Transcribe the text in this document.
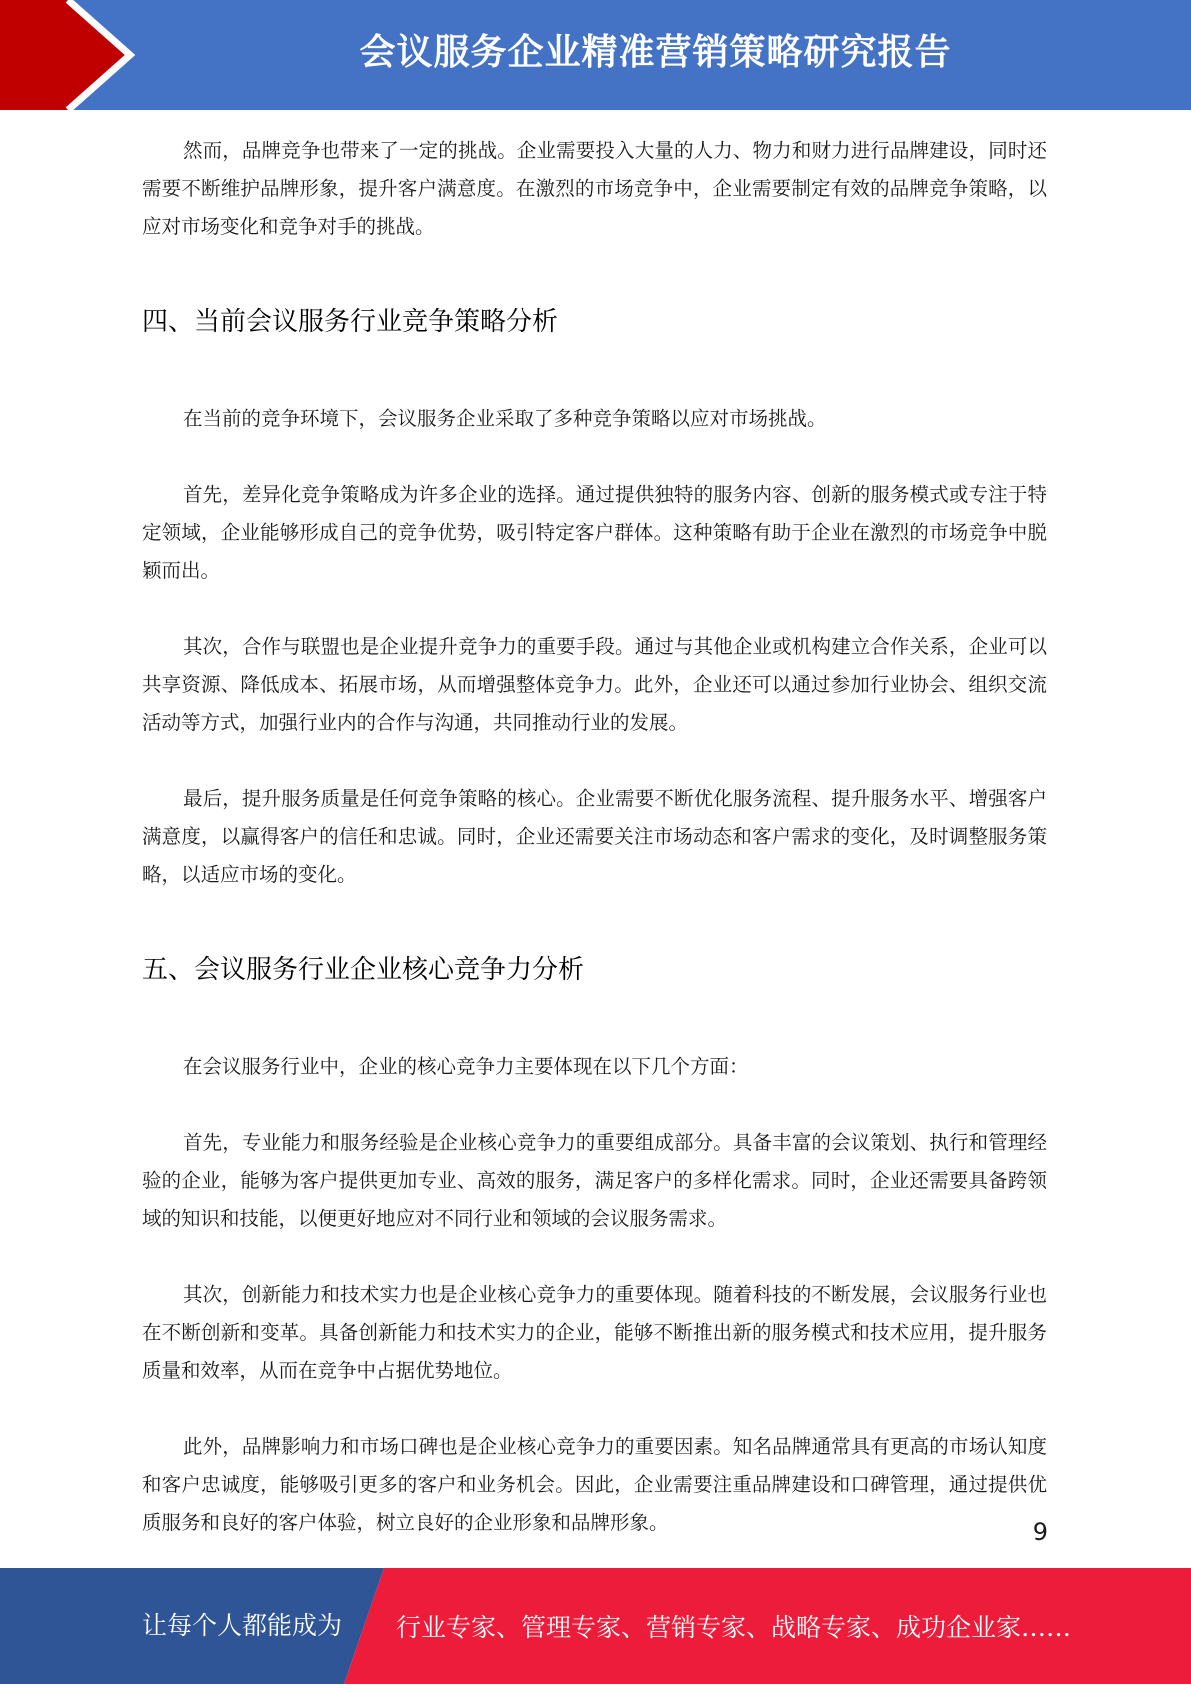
会议服务企业精准营销策略研究报告

然而，品牌竞争也带来了一定的挑战。企业需要投入大量的人力、物力和财力进行品牌建设，同时还需要不断维护品牌形象，提升客户满意度。在激烈的市场竞争中，企业需要制定有效的品牌竞争策略，以应对市场变化和竞争对手的挑战。

四、当前会议服务行业竞争策略分析

在当前的竞争环境下，会议服务企业采取了多种竞争策略以应对市场挑战。

首先，差异化竞争策略成为许多企业的选择。通过提供独特的服务内容、创新的服务模式或专注于特定领域，企业能够形成自己的竞争优势，吸引特定客户群体。这种策略有助于企业在激烈的市场竞争中脱颖而出。

其次，合作与联盟也是企业提升竞争力的重要手段。通过与其他企业或机构建立合作关系，企业可以共享资源、降低成本、拓展市场，从而增强整体竞争力。此外，企业还可以通过参加行业协会、组织交流活动等方式，加强行业内的合作与沟通，共同推动行业的发展。

最后，提升服务质量是任何竞争策略的核心。企业需要不断优化服务流程、提升服务水平、增强客户满意度，以赢得客户的信任和忠诚。同时，企业还需要关注市场动态和客户需求的变化，及时调整服务策略，以适应市场的变化。

五、会议服务行业企业核心竞争力分析

在会议服务行业中，企业的核心竞争力主要体现在以下几个方面：

首先，专业能力和服务经验是企业核心竞争力的重要组成部分。具备丰富的会议策划、执行和管理经验的企业，能够为客户提供更加专业、高效的服务，满足客户的多样化需求。同时，企业还需要具备跨领域的知识和技能，以便更好地应对不同行业和领域的会议服务需求。

其次，创新能力和技术实力也是企业核心竞争力的重要体现。随着科技的不断发展，会议服务行业也在不断创新和变革。具备创新能力和技术实力的企业，能够不断推出新的服务模式和技术应用，提升服务质量和效率，从而在竞争中占据优势地位。

此外，品牌影响力和市场口碑也是企业核心竞争力的重要因素。知名品牌通常具有更高的市场认知度和客户忠诚度，能够吸引更多的客户和业务机会。因此，企业需要注重品牌建设和口碑管理，通过提供优质服务和良好的客户体验，树立良好的企业形象和品牌形象。	9
让每个人都能成为 行业专家、管理专家、营销专家、战略专家、成功企业家……
